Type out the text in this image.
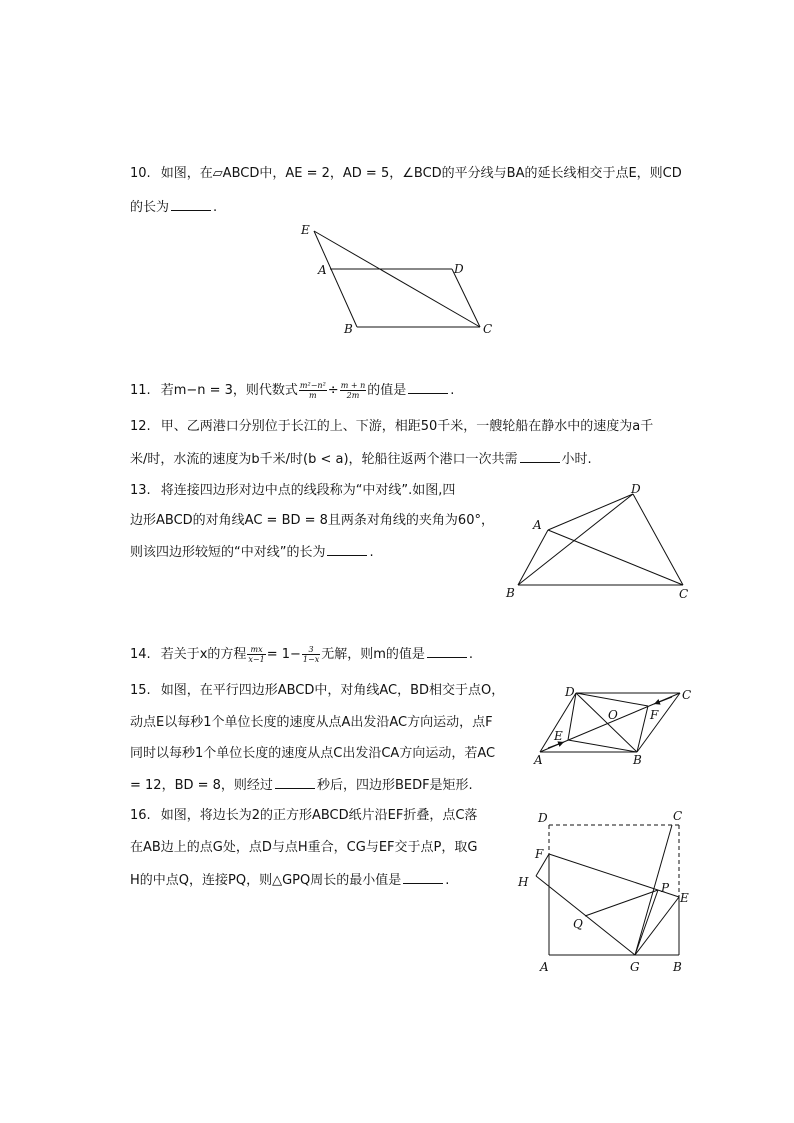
10. 如图，在▱ABCD中，AE = 2，AD = 5，∠BCD的平分线与BA的延长线相交于点E，则CD
的长为	.
E
A	D
B	C
11. 若m−n = 3，则代数式 $\frac{\text{m²−n²}}{m} \div \frac{m + n}{2m}$ 的值是	.
12. 甲、乙两港口分别位于长江的上、下游，相距50千米，一艘轮船在静水中的速度为a千
米/时，水流的速度为b千米/时(b < a)，轮船往返两个港口一次共需	小时.
13. 将连接四边形对边中点的线段称为“中对线”.如图,四
边形ABCD的对角线AC = BD = 8且两条对角线的夹角为60°，
则该四边形较短的“中对线”的长为	.
A
D
B	C
14. 若关于x的方程 $\frac{mx}{x-1} = 1- \frac{3}{1-x}$ 无解，则m的值是	.
15. 如图，在平行四边形ABCD中，对角线AC，BD相交于点O，
动点E以每秒1个单位长度的速度从点A出发沿AC方向运动，点F
同时以每秒1个单位长度的速度从点C出发沿CA方向运动，若AC
= 12，BD = 8，则经过	秒后，四边形BEDF是矩形.
D	C
O	F
E
A	B
16. 如图，将边长为2的正方形ABCD纸片沿EF折叠，点C落
在AB边上的点G处，点D与点H重合，CG与EF交于点P，取G
H的中点Q，连接PQ，则△GPQ周长的最小值是	.
D	C
F
H	P
E
Q
A	G	B
